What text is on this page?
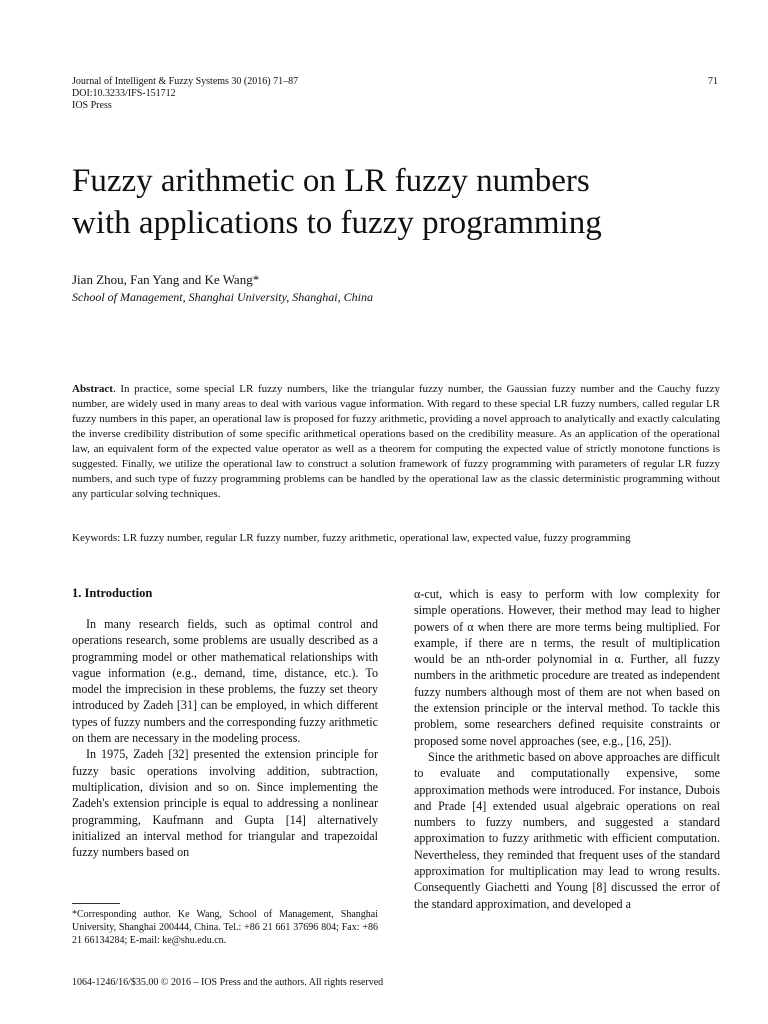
Journal of Intelligent & Fuzzy Systems 30 (2016) 71–87
DOI:10.3233/IFS-151712
IOS Press
71
Fuzzy arithmetic on LR fuzzy numbers
with applications to fuzzy programming
Jian Zhou, Fan Yang and Ke Wang*
School of Management, Shanghai University, Shanghai, China

Abstract. In practice, some special LR fuzzy numbers, like the triangular fuzzy number, the Gaussian fuzzy number and the Cauchy fuzzy number, are widely used in many areas to deal with various vague information. With regard to these special LR fuzzy numbers, called regular LR fuzzy numbers in this paper, an operational law is proposed for fuzzy arithmetic, providing a novel approach to analytically and exactly calculating the inverse credibility distribution of some specific arithmetical operations based on the credibility measure. As an application of the operational law, an equivalent form of the expected value operator as well as a theorem for computing the expected value of strictly monotone functions is suggested. Finally, we utilize the operational law to construct a solution framework of fuzzy programming with parameters of regular LR fuzzy numbers, and such type of fuzzy programming problems can be handled by the operational law as the classic deterministic programming without any particular solving techniques.

Keywords: LR fuzzy number, regular LR fuzzy number, fuzzy arithmetic, operational law, expected value, fuzzy programming
1. Introduction

In many research fields, such as optimal control and operations research, some problems are usually described as a programming model or other mathematical relationships with vague information (e.g., demand, time, distance, etc.). To model the imprecision in these problems, the fuzzy set theory introduced by Zadeh [31] can be employed, in which different types of fuzzy numbers and the corresponding fuzzy arithmetic on them are necessary in the modeling process.

In 1975, Zadeh [32] presented the extension principle for fuzzy basic operations involving addition, subtraction, multiplication, division and so on. Since implementing the Zadeh's extension principle is equal to addressing a nonlinear programming, Kaufmann and Gupta [14] alternatively initialized an interval method for triangular and trapezoidal fuzzy numbers based on

α-cut, which is easy to perform with low complexity for simple operations. However, their method may lead to higher powers of α when there are more terms being multiplied. For example, if there are n terms, the result of multiplication would be an nth-order polynomial in α. Further, all fuzzy numbers in the arithmetic procedure are treated as independent fuzzy numbers although most of them are not when based on the extension principle or the interval method. To tackle this problem, some researchers defined requisite constraints or proposed some novel approaches (see, e.g., [16, 25]).

Since the arithmetic based on above approaches are difficult to evaluate and computationally expensive, some approximation methods were introduced. For instance, Dubois and Prade [4] extended usual algebraic operations on real numbers to fuzzy numbers, and suggested a standard approximation to fuzzy arithmetic with efficient computation. Nevertheless, they reminded that frequent uses of the standard approximation for multiplication may lead to wrong results. Consequently Giachetti and Young [8] discussed the error of the standard approximation, and developed a

*Corresponding author. Ke Wang, School of Management, Shanghai University, Shanghai 200444, China. Tel.: +86 21 661 37696 804; Fax: +86 21 66134284; E-mail: ke@shu.edu.cn.
1064-1246/16/$35.00 © 2016 – IOS Press and the authors. All rights reserved
